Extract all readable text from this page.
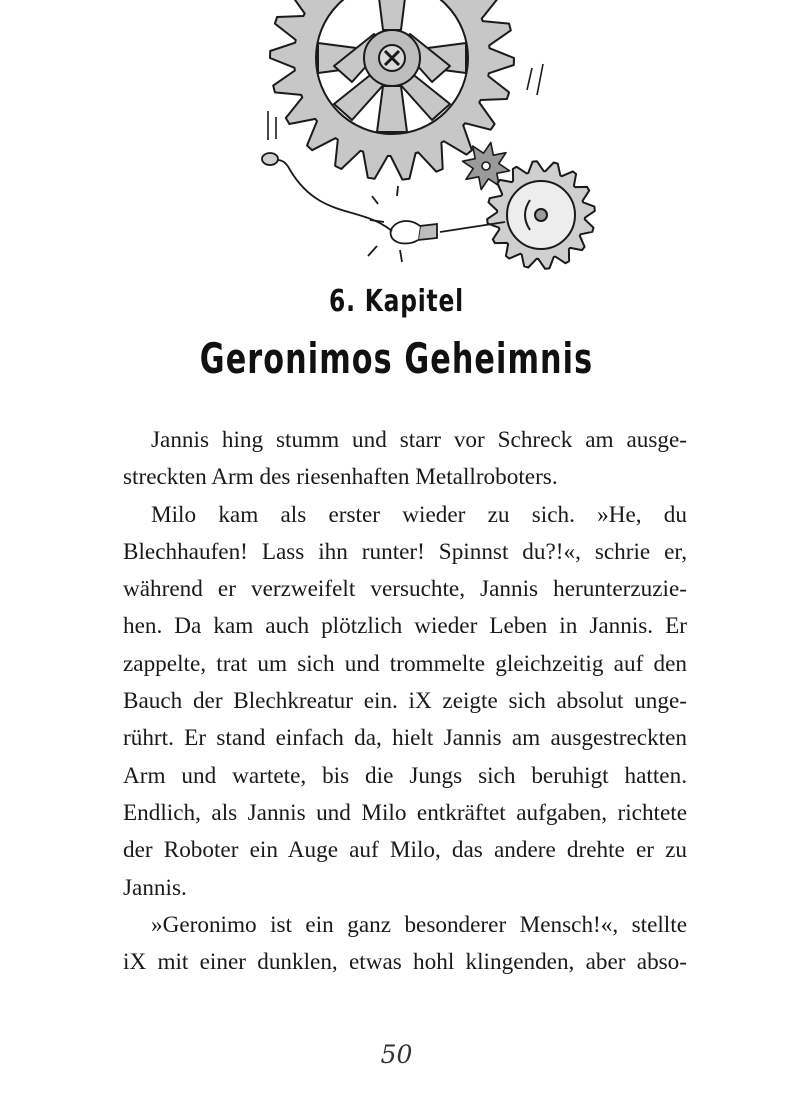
6. Kapitel
Geronimos Geheimnis
Jannis hing stumm und starr vor Schreck am ausge-
streckten Arm des riesenhaften Metallroboters.
Milo kam als erster wieder zu sich. »He, du
Blechhaufen! Lass ihn runter! Spinnst du?!«, schrie er,
während er verzweifelt versuchte, Jannis herunterzuzie-
hen. Da kam auch plötzlich wieder Leben in Jannis. Er
zappelte, trat um sich und trommelte gleichzeitig auf den
Bauch der Blechkreatur ein. iX zeigte sich absolut unge-
rührt. Er stand einfach da, hielt Jannis am ausgestreckten
Arm und wartete, bis die Jungs sich beruhigt hatten.
Endlich, als Jannis und Milo entkräftet aufgaben, richtete
der Roboter ein Auge auf Milo, das andere drehte er zu
Jannis.
»Geronimo ist ein ganz besonderer Mensch!«, stellte
iX mit einer dunklen, etwas hohl klingenden, aber abso-
50
